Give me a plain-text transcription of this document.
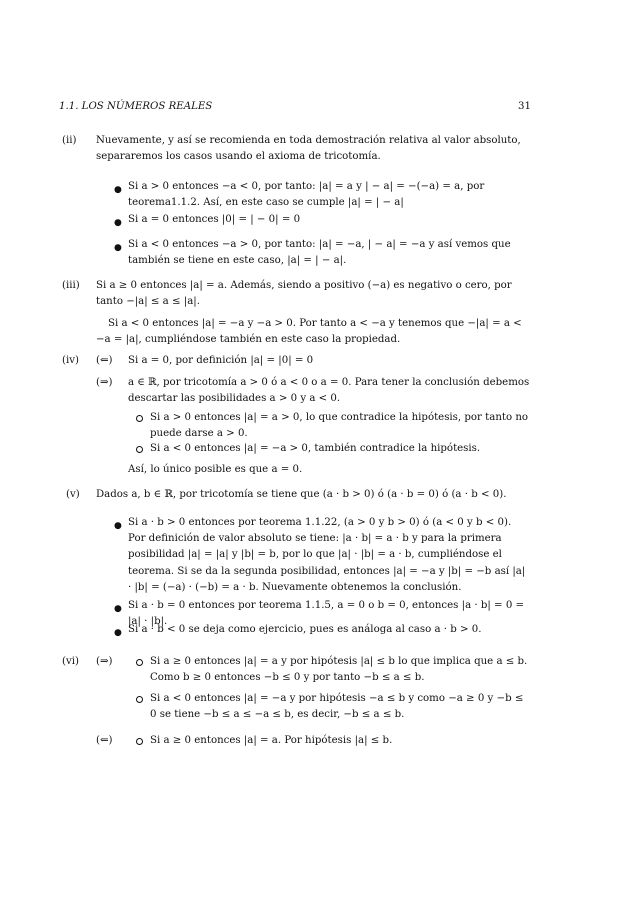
1.1. LOS NÚMEROS REALES	31
(ii) Nuevamente, y así se recomienda en toda demostración relativa al valor absoluto, separaremos los casos usando el axioma de tricotomía.
● Si a > 0 entonces −a < 0, por tanto: |a| = a y | − a| = −(−a) = a, por teorema1.1.2. Así, en este caso se cumple |a| = | − a|
● Si a = 0 entonces |0| = | − 0| = 0
● Si a < 0 entonces −a > 0, por tanto: |a| = −a, | − a| = −a y así vemos que también se tiene en este caso, |a| = | − a|.
(iii) Si a ≥ 0 entonces |a| = a. Además, siendo a positivo (−a) es negativo o cero, por tanto −|a| ≤ a ≤ |a|.
Si a < 0 entonces |a| = −a y −a > 0. Por tanto a < −a y tenemos que −|a| = a < −a = |a|, cumpliéndose también en este caso la propiedad.
(iv) (⇐) Si a = 0, por definición |a| = |0| = 0
(⇒) a ∈ ℝ, por tricotomía a > 0 ó a < 0 o a = 0. Para tener la conclusión debemos descartar las posibilidades a > 0 y a < 0.
Si a > 0 entonces |a| = a > 0, lo que contradice la hipótesis, por tanto no puede darse a > 0.
Si a < 0 entonces |a| = −a > 0, también contradice la hipótesis.
Así, lo único posible es que a = 0.
(v) Dados a, b ∈ ℝ, por tricotomía se tiene que (a · b > 0) ó (a · b = 0) ó (a · b < 0).
● Si a · b > 0 entonces por teorema 1.1.22, (a > 0 y b > 0) ó (a < 0 y b < 0). Por definición de valor absoluto se tiene: |a · b| = a · b y para la primera posibilidad |a| = |a| y |b| = b, por lo que |a| · |b| = a · b, cumpliéndose el teorema. Si se da la segunda posibilidad, entonces |a| = −a y |b| = −b así |a| · |b| = (−a) · (−b) = a · b. Nuevamente obtenemos la conclusión.
● Si a · b = 0 entonces por teorema 1.1.5, a = 0 o b = 0, entonces |a · b| = 0 = |a| · |b|.
● Si a · b < 0 se deja como ejercicio, pues es análoga al caso a · b > 0.
(vi) (⇒)	Si a ≥ 0 entonces |a| = a y por hipótesis |a| ≤ b lo que implica que a ≤ b. Como b ≥ 0 entonces −b ≤ 0 y por tanto −b ≤ a ≤ b.
Si a < 0 entonces |a| = −a y por hipótesis −a ≤ b y como −a ≥ 0 y −b ≤ 0 se tiene −b ≤ a ≤ −a ≤ b, es decir, −b ≤ a ≤ b.
(⇐)	Si a ≥ 0 entonces |a| = a. Por hipótesis |a| ≤ b.
